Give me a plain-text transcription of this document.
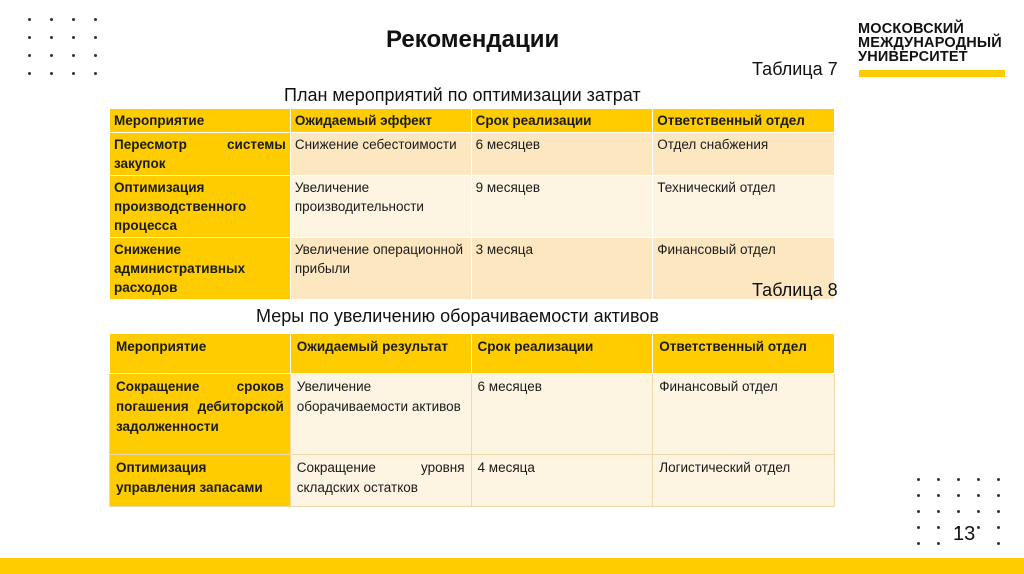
Рекомендации	МОСКОВСКИЙ
МЕЖДУНАРОДНЫЙ
УНИВЕРСИТЕТ
Таблица 7
План мероприятий по оптимизации затрат
Мероприятие	Ожидаемый эффект	Срок реализации	Ответственный отдел
Пересмотр системы закупок	Снижение себестоимости	6 месяцев	Отдел снабжения
Оптимизация производственного процесса	Увеличение производительности	9 месяцев	Технический отдел
Снижение административных расходов	Увеличение операционной прибыли	3 месяца	Финансовый отдел
Таблица 8
Меры по увеличению оборачиваемости активов
Мероприятие	Ожидаемый результат	Срок реализации	Ответственный отдел
Сокращение сроков погашения дебиторской задолженности	Увеличение оборачиваемости активов	6 месяцев	Финансовый отдел
Оптимизация управления запасами	Сокращение уровня складских остатков	4 месяца	Логистический отдел
13
